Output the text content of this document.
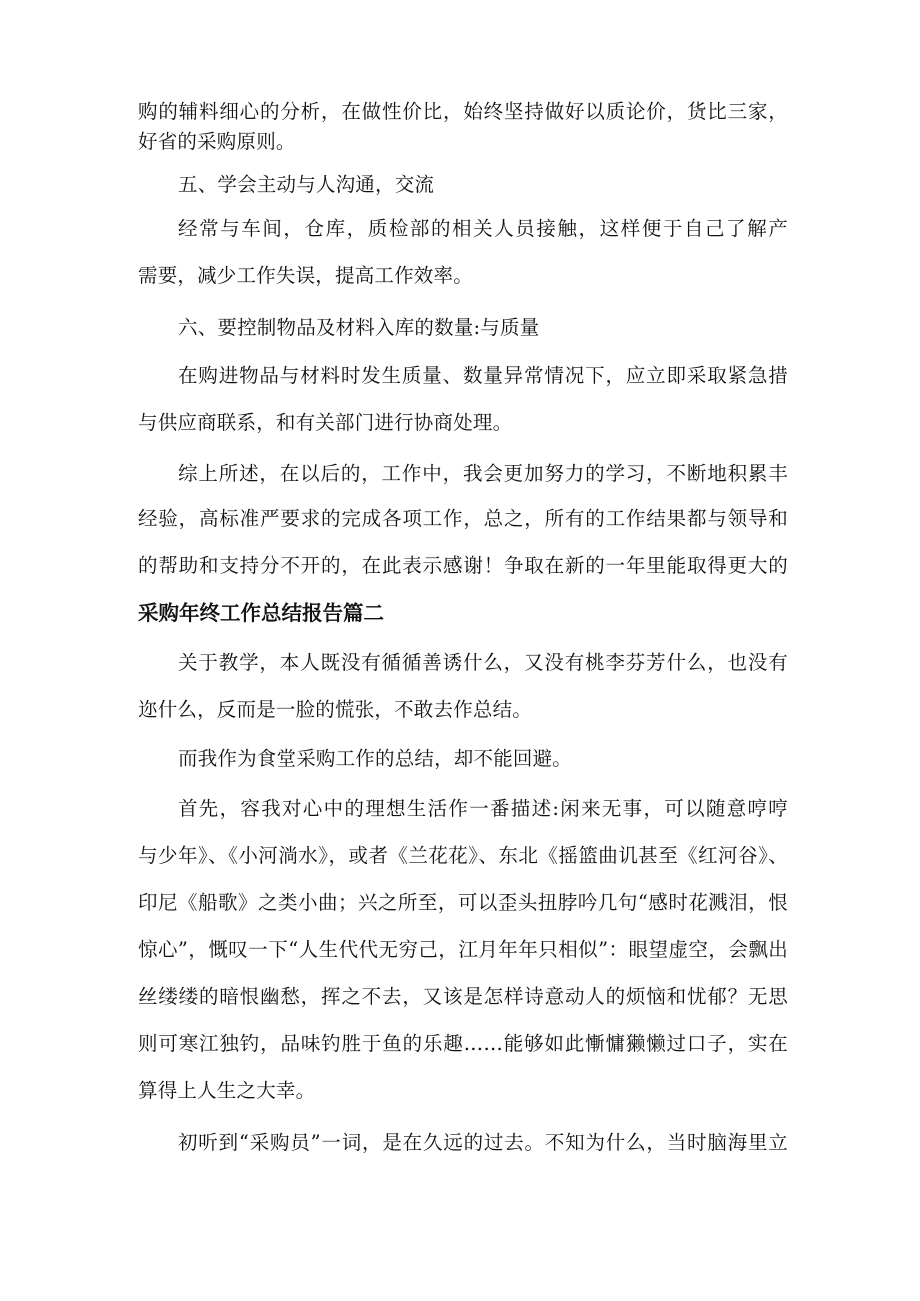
购的辅料细心的分析，在做性价比，始终坚持做好以质论价，货比三家，
好省的采购原则。
五、学会主动与人沟通，交流
经常与车间，仓库，质检部的相关人员接触，这样便于自己了解产
需要，减少工作失误，提高工作效率。
六、要控制物品及材料入库的数量:与质量
在购进物品与材料时发生质量、数量异常情况下，应立即采取紧急措
与供应商联系，和有关部门进行协商处理。
综上所述，在以后的，工作中，我会更加努力的学习，不断地积累丰
经验，高标准严要求的完成各项工作，总之，所有的工作结果都与领导和
的帮助和支持分不开的，在此表示感谢！争取在新的一年里能取得更大的
采购年终工作总结报告篇二
关于教学，本人既没有循循善诱什么，又没有桃李芬芳什么，也没有
迩什么，反而是一脸的慌张，不敢去作总结。
而我作为食堂采购工作的总结，却不能回避。
首先，容我对心中的理想生活作一番描述:闲来无事，可以随意哼哼
与少年》、《小河淌水》，或者《兰花花》、东北《摇篮曲讥甚至《红河谷》、
印尼《船歌》之类小曲；兴之所至，可以歪头扭脖吟几句“感时花溅泪，恨
惊心”，慨叹一下“人生代代无穷己，江月年年只相似”：眼望虚空，会飘出
丝缕缕的暗恨幽愁，挥之不去，又该是怎样诗意动人的烦恼和忧郁？无思
则可寒江独钓，品味钓胜于鱼的乐趣……能够如此慚慵獭懒过口子，实在
算得上人生之大幸。
初听到“采购员”一词，是在久远的过去。不知为什么，当时脑海里立
